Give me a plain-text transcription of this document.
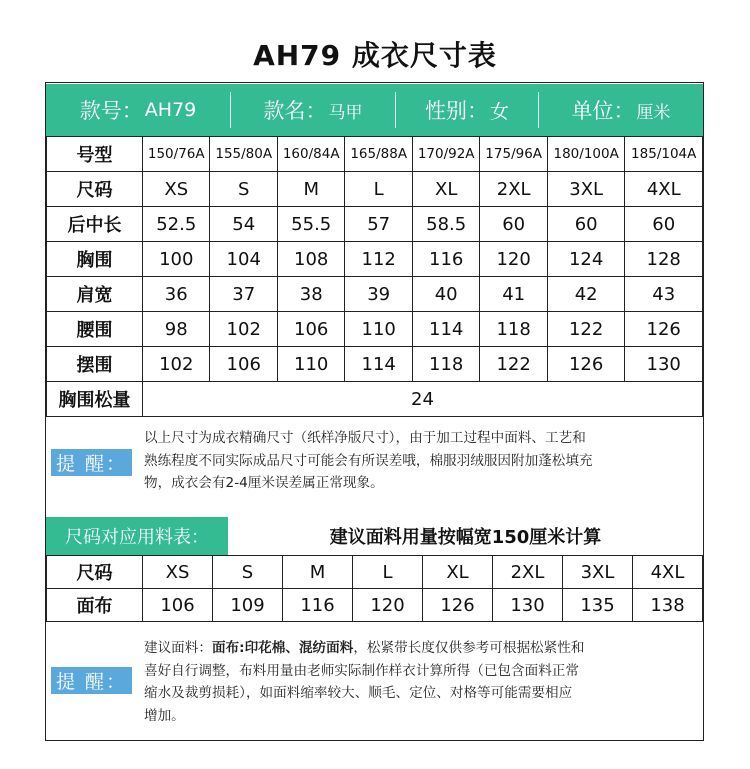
AH79 成衣尺寸表
款号： AH79	款名： 马甲	性别： 女	单位： 厘米
号型	150/76A	155/80A	160/84A	165/88A	170/92A	175/96A	180/100A	185/104A
尺码	XS	S	M	L	XL	2XL	3XL	4XL
后中长	52.5	54	55.5	57	58.5	60	60	60
胸围	100	104	108	112	116	120	124	128
肩宽	36	37	38	39	40	41	42	43
腰围	98	102	106	110	114	118	122	126
摆围	102	106	110	114	118	122	126	130
胸围松量	24							
提 醒：
以上尺寸为成衣精确尺寸（纸样净版尺寸），由于加工过程中面料、工艺和
熟练程度不同实际成品尺寸可能会有所误差哦，棉服羽绒服因附加蓬松填充
物，成衣会有2-4厘米误差属正常现象。
尺码对应用料表：	建议面料用量按幅宽150厘米计算
尺码	XS	S	M	L	XL	2XL	3XL	4XL
面布	106	109	116	120	126	130	135	138
提 醒：
建议面料：面布:印花棉、混纺面料，松紧带长度仅供参考可根据松紧性和
喜好自行调整，布料用量由老师实际制作样衣计算所得（已包含面料正常
缩水及裁剪损耗），如面料缩率较大、顺毛、定位、对格等可能需要相应
增加。
